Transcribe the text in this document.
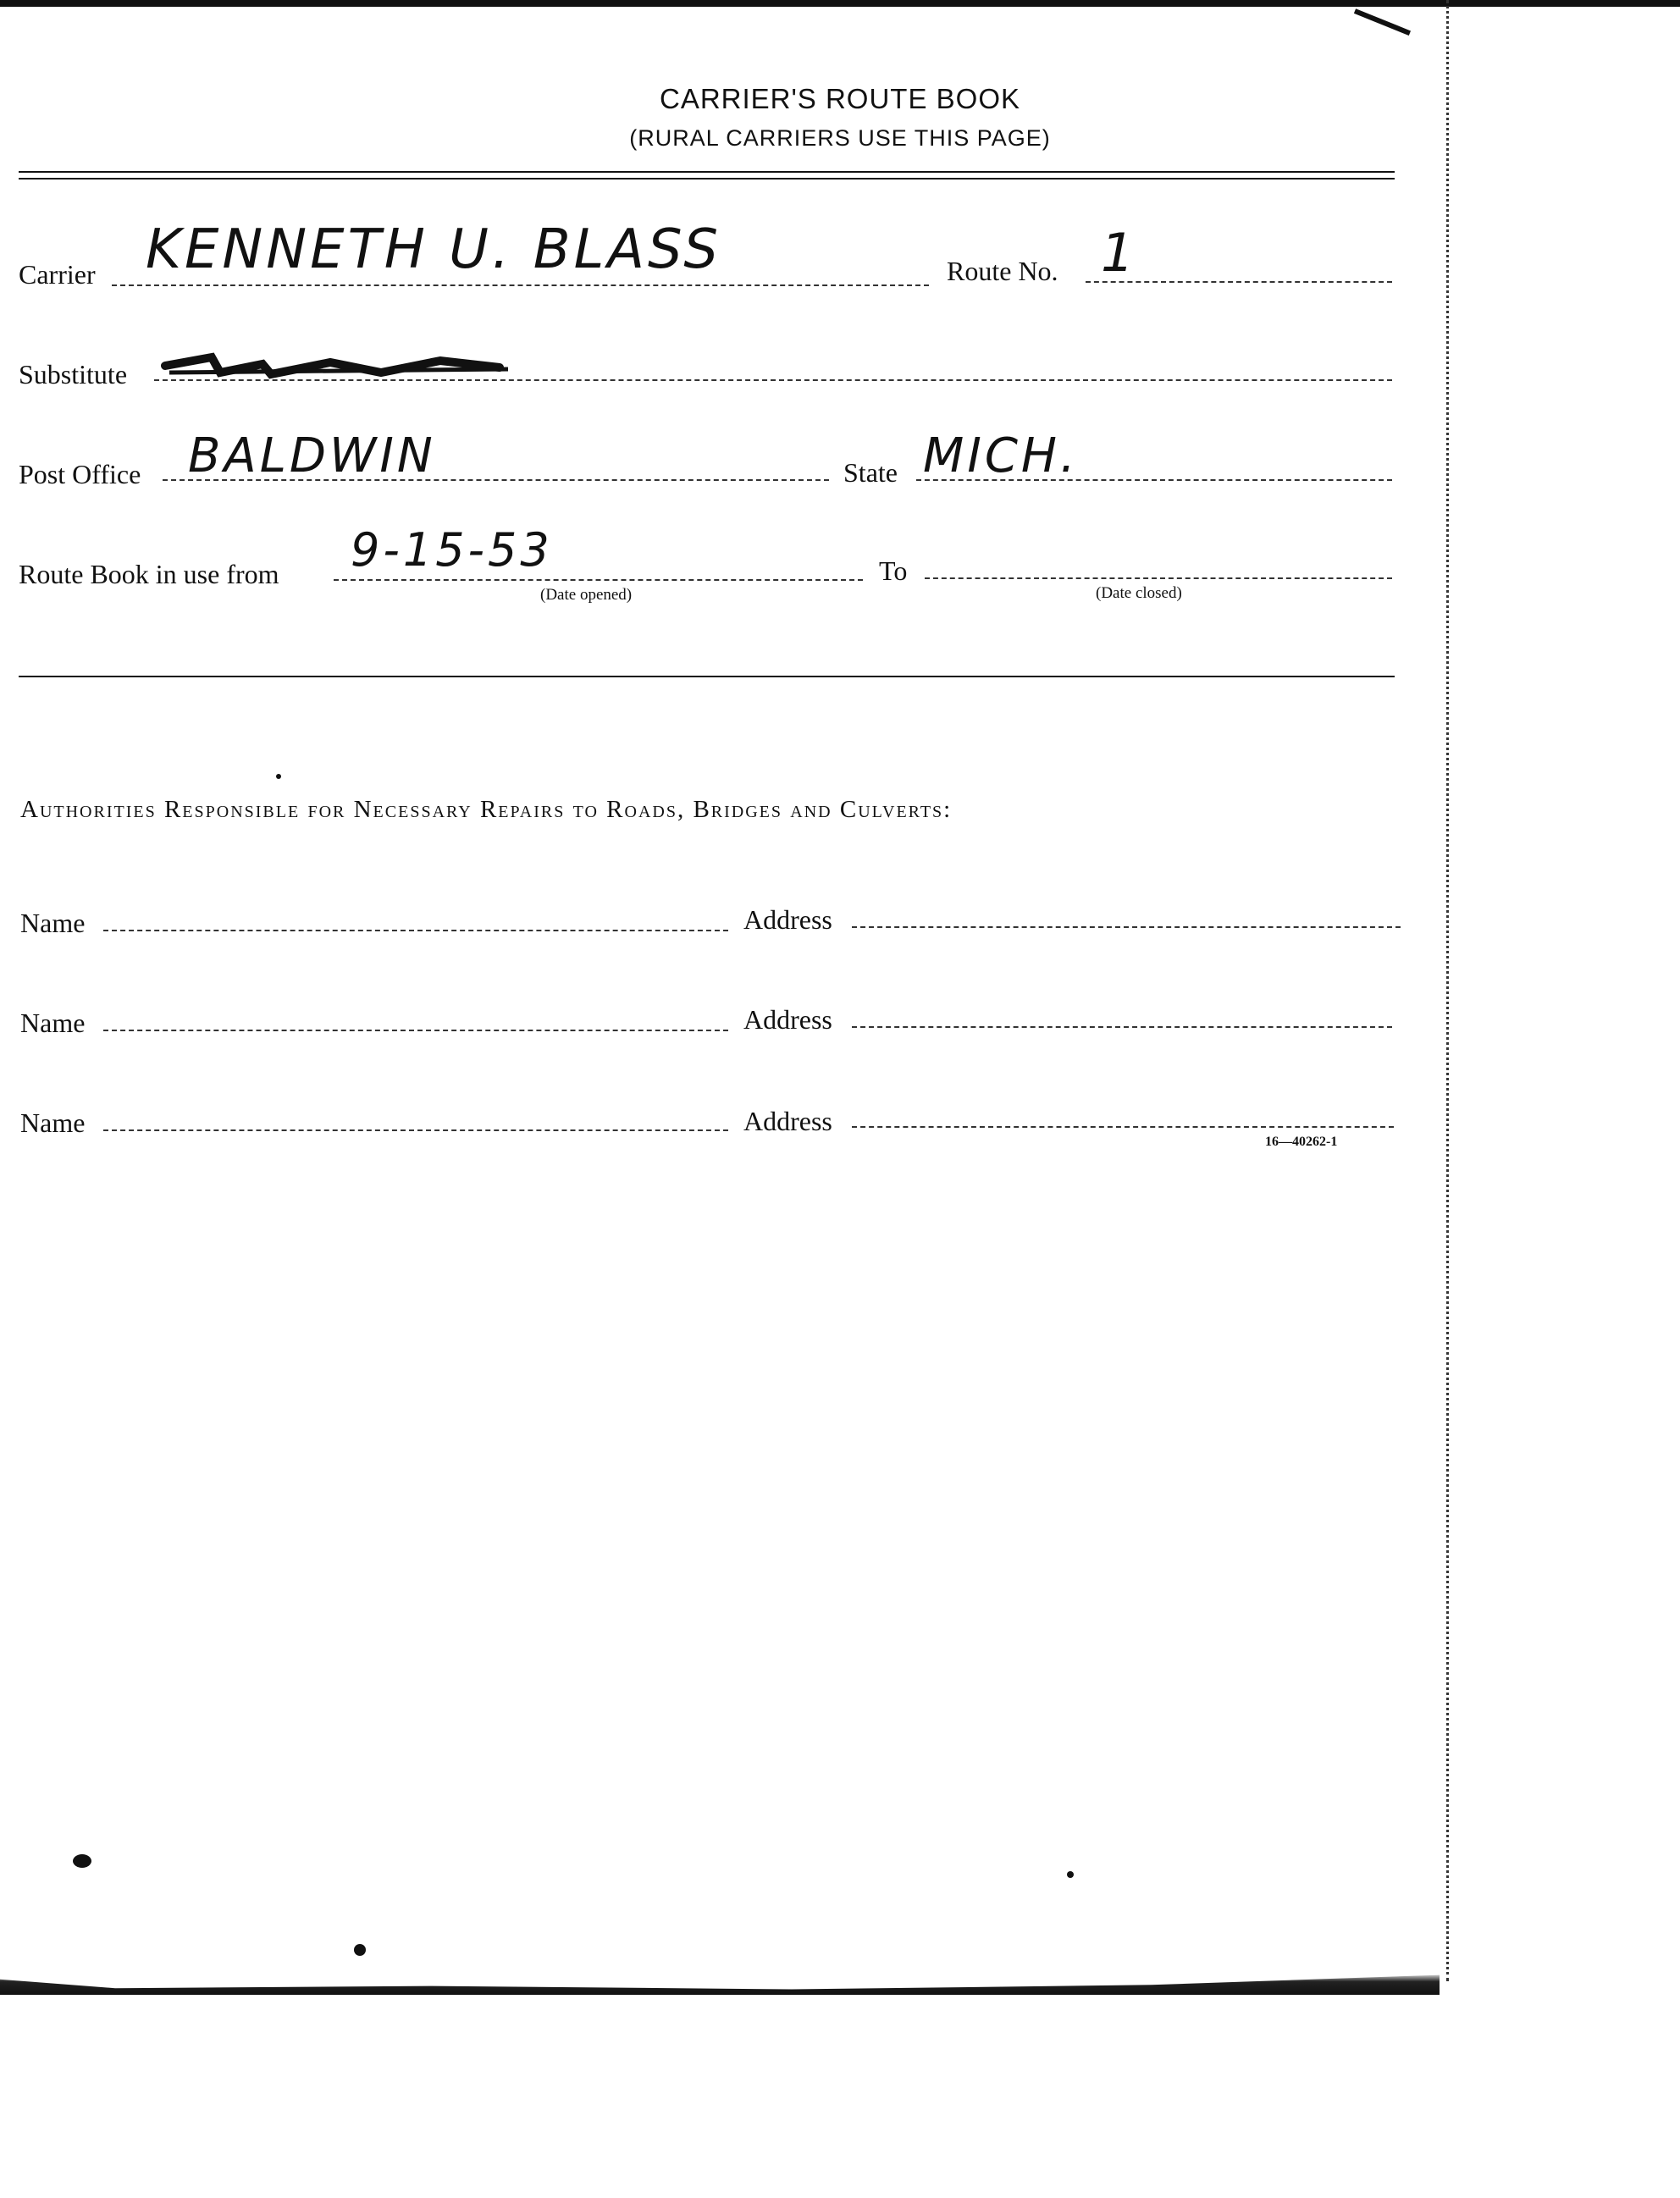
CARRIER'S ROUTE BOOK
(RURAL CARRIERS USE THIS PAGE)
Carrier KENNETH U. BLASS	Route No. 1
Substitute
Post Office BALDWIN	State MICH.
Route Book in use from 9-15-53
(Date opened)
To
(Date closed)
Authorities Responsible for Necessary Repairs to Roads, Bridges and Culverts:
Name	Address
Name	Address
Name	Address
16—40262-1
